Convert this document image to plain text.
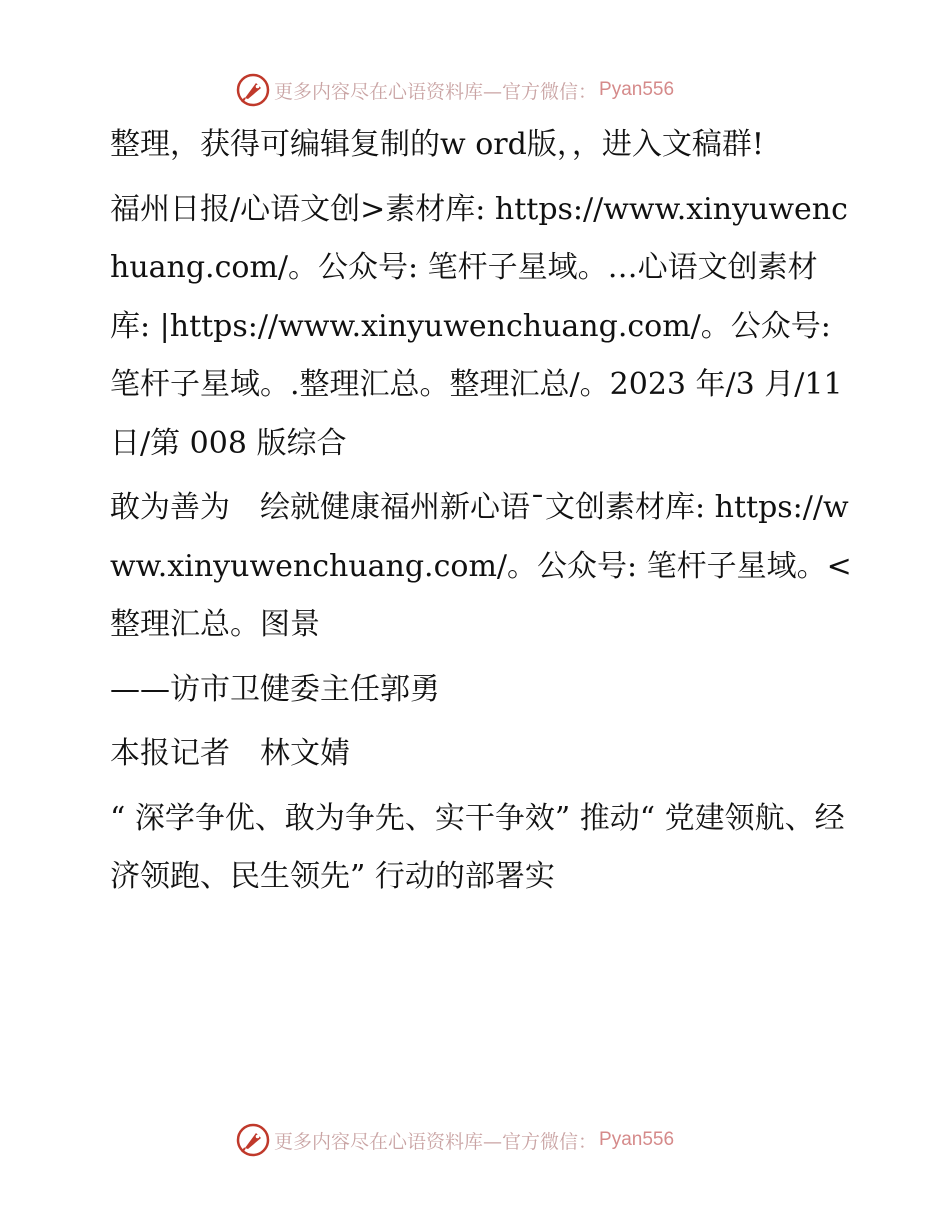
更多内容尽在心语资料库—官方微信： Pyan556

整理，获得可编辑复制的w ord版，，进入文稿群!

福州日报/心语文创>素材库: https://www.xinyuwenchuang.com/。公众号: 笔杆子星域。…心语文创素材库: |https://www.xinyuwenchuang.com/。公众号: 笔杆子星域。.整理汇总。整理汇总/。2023 年/3 月/11 日/第 008 版综合

敢为善为　绘就健康福州新心语¯文创素材库: https://www.xinyuwenchuang.com/。公众号: 笔杆子星域。<整理汇总。图景

——访市卫健委主任郭勇

本报记者　林文婧

“ 深学争优、敢为争先、实干争效” 推动“ 党建领航、经济领跑、民生领先” 行动的部署实

更多内容尽在心语资料库—官方微信： Pyan556
